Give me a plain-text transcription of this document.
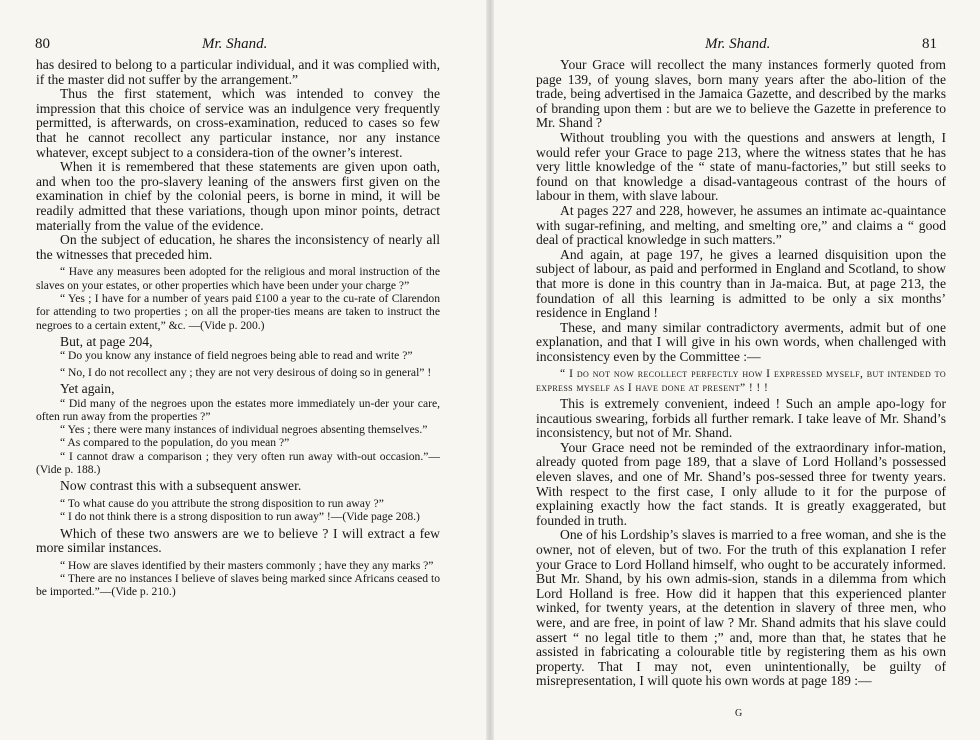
80	Mr. Shand.

has desired to belong to a particular individual, and it was complied with, if the master did not suffer by the arrangement.”

Thus the first statement, which was intended to convey the impression that this choice of service was an indulgence very frequently permitted, is afterwards, on cross-examination, reduced to cases so few that he cannot recollect any particular instance, nor any instance whatever, except subject to a considera-tion of the owner’s interest.

When it is remembered that these statements are given upon oath, and when too the pro-slavery leaning of the answers first given on the examination in chief by the colonial peers, is borne in mind, it will be readily admitted that these variations, though upon minor points, detract materially from the value of the evidence.

On the subject of education, he shares the inconsistency of nearly all the witnesses that preceded him.

“ Have any measures been adopted for the religious and moral instruction of the slaves on your estates, or other properties which have been under your charge ?”

“ Yes ; I have for a number of years paid £100 a year to the cu-rate of Clarendon for attending to two properties ; on all the proper-ties means are taken to instruct the negroes to a certain extent,” &c. —(Vide p. 200.)

But, at page 204,

“ Do you know any instance of field negroes being able to read and write ?”

“ No, I do not recollect any ; they are not very desirous of doing so in general” !

Yet again,

“ Did many of the negroes upon the estates more immediately un-der your care, often run away from the properties ?”

“ Yes ; there were many instances of individual negroes absenting themselves.”

“ As compared to the population, do you mean ?”

“ I cannot draw a comparison ; they very often run away with-out occasion.”—(Vide p. 188.)

Now contrast this with a subsequent answer.

“ To what cause do you attribute the strong disposition to run away ?”

“ I do not think there is a strong disposition to run away” !—(Vide page 208.)

Which of these two answers are we to believe ? I will extract a few more similar instances.

“ How are slaves identified by their masters commonly ; have they any marks ?”

“ There are no instances I believe of slaves being marked since Africans ceased to be imported.”—(Vide p. 210.)

Mr. Shand.	81

Your Grace will recollect the many instances formerly quoted from page 139, of young slaves, born many years after the abo-lition of the trade, being advertised in the Jamaica Gazette, and described by the marks of branding upon them : but are we to believe the Gazette in preference to Mr. Shand ?

Without troubling you with the questions and answers at length, I would refer your Grace to page 213, where the witness states that he has very little knowledge of the “ state of manu-factories,” but still seeks to found on that knowledge a disad-vantageous contrast of the hours of labour in them, with slave labour.

At pages 227 and 228, however, he assumes an intimate ac-quaintance with sugar-refining, and melting, and smelting ore,” and claims a “ good deal of practical knowledge in such matters.”

And again, at page 197, he gives a learned disquisition upon the subject of labour, as paid and performed in England and Scotland, to show that more is done in this country than in Ja-maica. But, at page 213, the foundation of all this learning is admitted to be only a six months’ residence in England !

These, and many similar contradictory averments, admit but of one explanation, and that I will give in his own words, when challenged with inconsistency even by the Committee :—

“ I do not now recollect perfectly how I expressed myself, but intended to express myself as I have done at present” ! ! !

This is extremely convenient, indeed ! Such an ample apo-logy for incautious swearing, forbids all further remark. I take leave of Mr. Shand’s inconsistency, but not of Mr. Shand.

Your Grace need not be reminded of the extraordinary infor-mation, already quoted from page 189, that a slave of Lord Holland’s possessed eleven slaves, and one of Mr. Shand’s pos-sessed three for twenty years. With respect to the first case, I only allude to it for the purpose of explaining exactly how the fact stands. It is greatly exaggerated, but founded in truth.

One of his Lordship’s slaves is married to a free woman, and she is the owner, not of eleven, but of two. For the truth of this explanation I refer your Grace to Lord Holland himself, who ought to be accurately informed. But Mr. Shand, by his own admis-sion, stands in a dilemma from which Lord Holland is free. How did it happen that this experienced planter winked, for twenty years, at the detention in slavery of three men, who were, and are free, in point of law ? Mr. Shand admits that his slave could assert “ no legal title to them ;” and, more than that, he states that he assisted in fabricating a colourable title by registering them as his own property. That I may not, even unintentionally, be guilty of misrepresentation, I will quote his own words at page 189 :—

G
